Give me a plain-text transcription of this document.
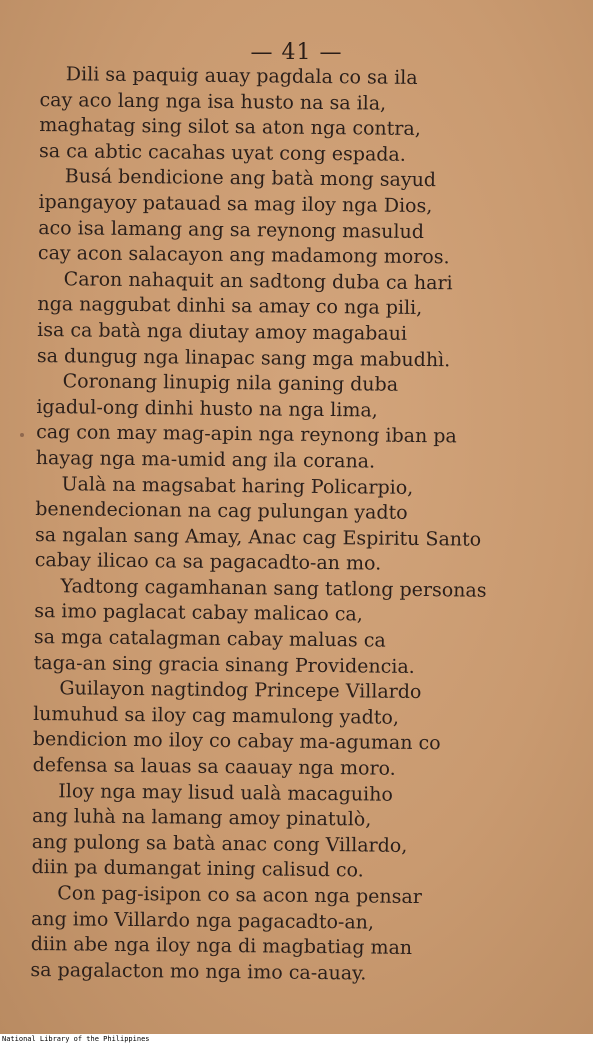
— 41 —
Dili sa paquig auay pagdala co sa ila
cay aco lang nga isa husto na sa ila,
maghatag sing silot sa aton nga contra,
sa ca abtic cacahas uyat cong espada.
Busá bendicione ang batà mong sayud
ipangayoy patauad sa mag iloy nga Dios,
aco isa lamang ang sa reynong masulud
cay acon salacayon ang madamong moros.
Caron nahaquit an sadtong duba ca hari
nga naggubat dinhi sa amay co nga pili,
isa ca batà nga diutay amoy magabaui
sa dungug nga linapac sang mga mabudhì.
Coronang linupig nila ganing duba
igadul-ong dinhi husto na nga lima,
cag con may mag-apin nga reynong iban pa
hayag nga ma-umid ang ila corana.
Ualà na magsabat haring Policarpio,
benendecionan na cag pulungan yadto
sa ngalan sang Amay, Anac cag Espiritu Santo
cabay ilicao ca sa pagacadto-an mo.
Yadtong cagamhanan sang tatlong personas
sa imo paglacat cabay malicao ca,
sa mga catalagman cabay maluas ca
taga-an sing gracia sinang Providencia.
Guilayon nagtindog Princepe Villardo
lumuhud sa iloy cag mamulong yadto,
bendicion mo iloy co cabay ma-aguman co
defensa sa lauas sa caauay nga moro.
Iloy nga may lisud ualà macaguiho
ang luhà na lamang amoy pinatulò,
ang pulong sa batà anac cong Villardo,
diin pa dumangat ining calisud co.
Con pag-isipon co sa acon nga pensar
ang imo Villardo nga pagacadto-an,
diin abe nga iloy nga di magbatiag man
sa pagalacton mo nga imo ca-auay.
National Library of the Philippines
